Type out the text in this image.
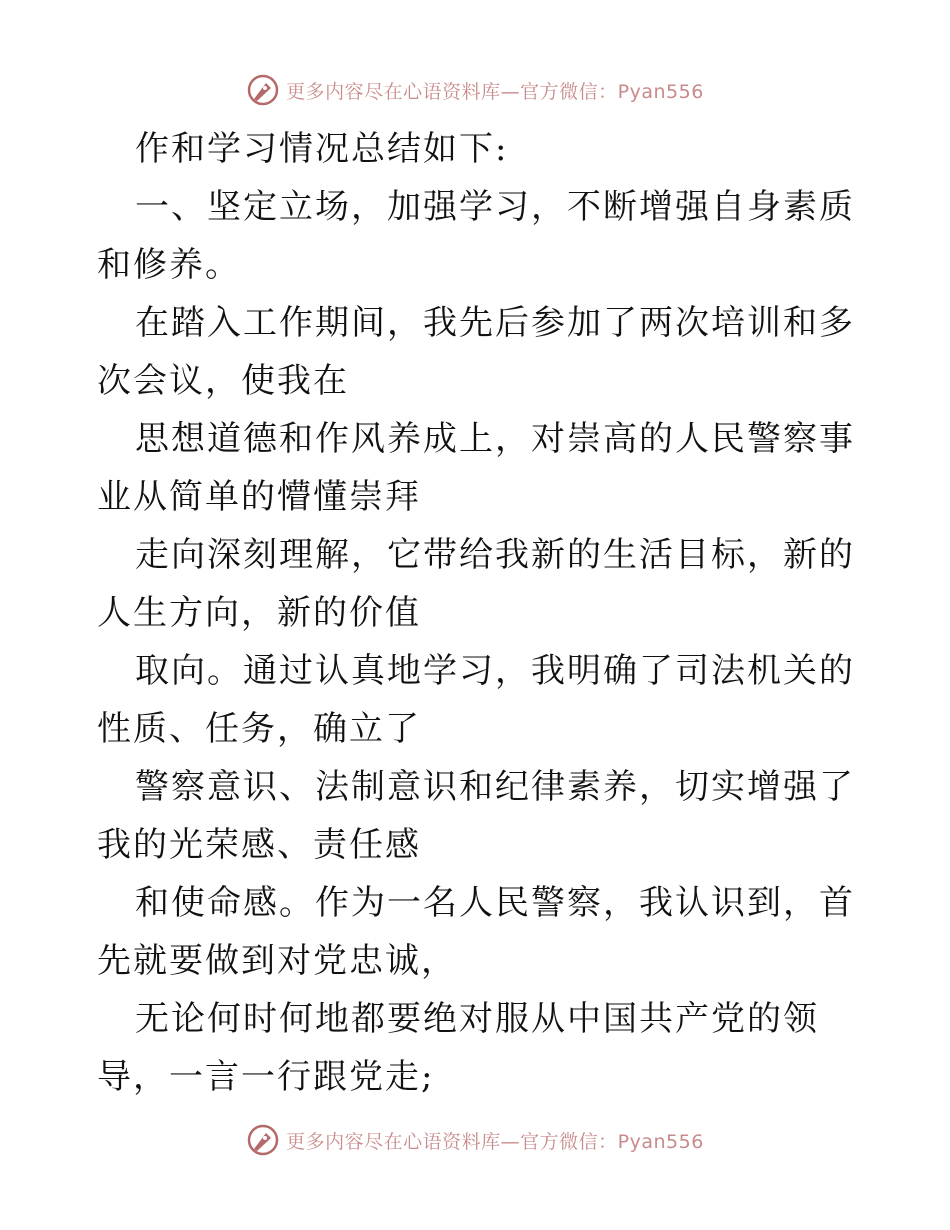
更多内容尽在心语资料库—官方微信：Pyan556

作和学习情况总结如下:

一、坚定立场，加强学习，不断增强自身素质和修养。

在踏入工作期间，我先后参加了两次培训和多次会议，使我在

思想道德和作风养成上，对崇高的人民警察事业从简单的懵懂崇拜

走向深刻理解，它带给我新的生活目标，新的人生方向，新的价值

取向。通过认真地学习，我明确了司法机关的性质、任务，确立了

警察意识、法制意识和纪律素养，切实增强了我的光荣感、责任感

和使命感。作为一名人民警察，我认识到，首先就要做到对党忠诚，

无论何时何地都要绝对服从中国共产党的领导，一言一行跟党走;

更多内容尽在心语资料库—官方微信：Pyan556
